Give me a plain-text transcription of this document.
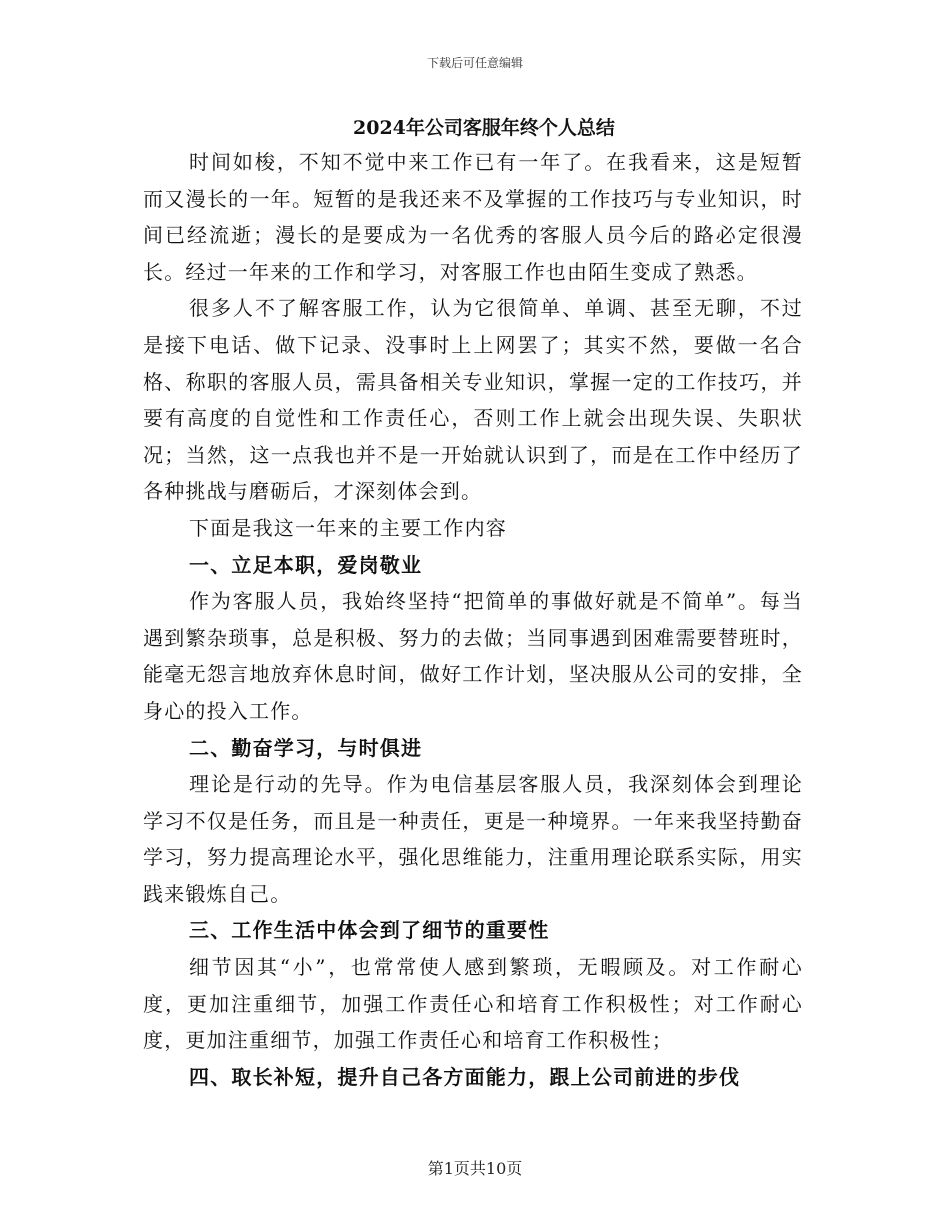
下载后可任意编辑
2024年公司客服年终个人总结

时间如梭，不知不觉中来工作已有一年了。在我看来，这是短暂而又漫长的一年。短暂的是我还来不及掌握的工作技巧与专业知识，时间已经流逝；漫长的是要成为一名优秀的客服人员今后的路必定很漫长。经过一年来的工作和学习，对客服工作也由陌生变成了熟悉。

很多人不了解客服工作，认为它很简单、单调、甚至无聊，不过是接下电话、做下记录、没事时上上网罢了；其实不然，要做一名合格、称职的客服人员，需具备相关专业知识，掌握一定的工作技巧，并要有高度的自觉性和工作责任心，否则工作上就会出现失误、失职状况；当然，这一点我也并不是一开始就认识到了，而是在工作中经历了各种挑战与磨砺后，才深刻体会到。

下面是我这一年来的主要工作内容

一、立足本职，爱岗敬业

作为客服人员，我始终坚持“把简单的事做好就是不简单”。每当遇到繁杂琐事，总是积极、努力的去做；当同事遇到困难需要替班时，能毫无怨言地放弃休息时间，做好工作计划，坚决服从公司的安排，全身心的投入工作。

二、勤奋学习，与时俱进

理论是行动的先导。作为电信基层客服人员，我深刻体会到理论学习不仅是任务，而且是一种责任，更是一种境界。一年来我坚持勤奋学习，努力提高理论水平，强化思维能力，注重用理论联系实际，用实践来锻炼自己。

三、工作生活中体会到了细节的重要性

细节因其“小”，也常常使人感到繁琐，无暇顾及。对工作耐心度，更加注重细节，加强工作责任心和培育工作积极性；对工作耐心度，更加注重细节，加强工作责任心和培育工作积极性；

四、取长补短，提升自己各方面能力，跟上公司前进的步伐
第1页共10页
